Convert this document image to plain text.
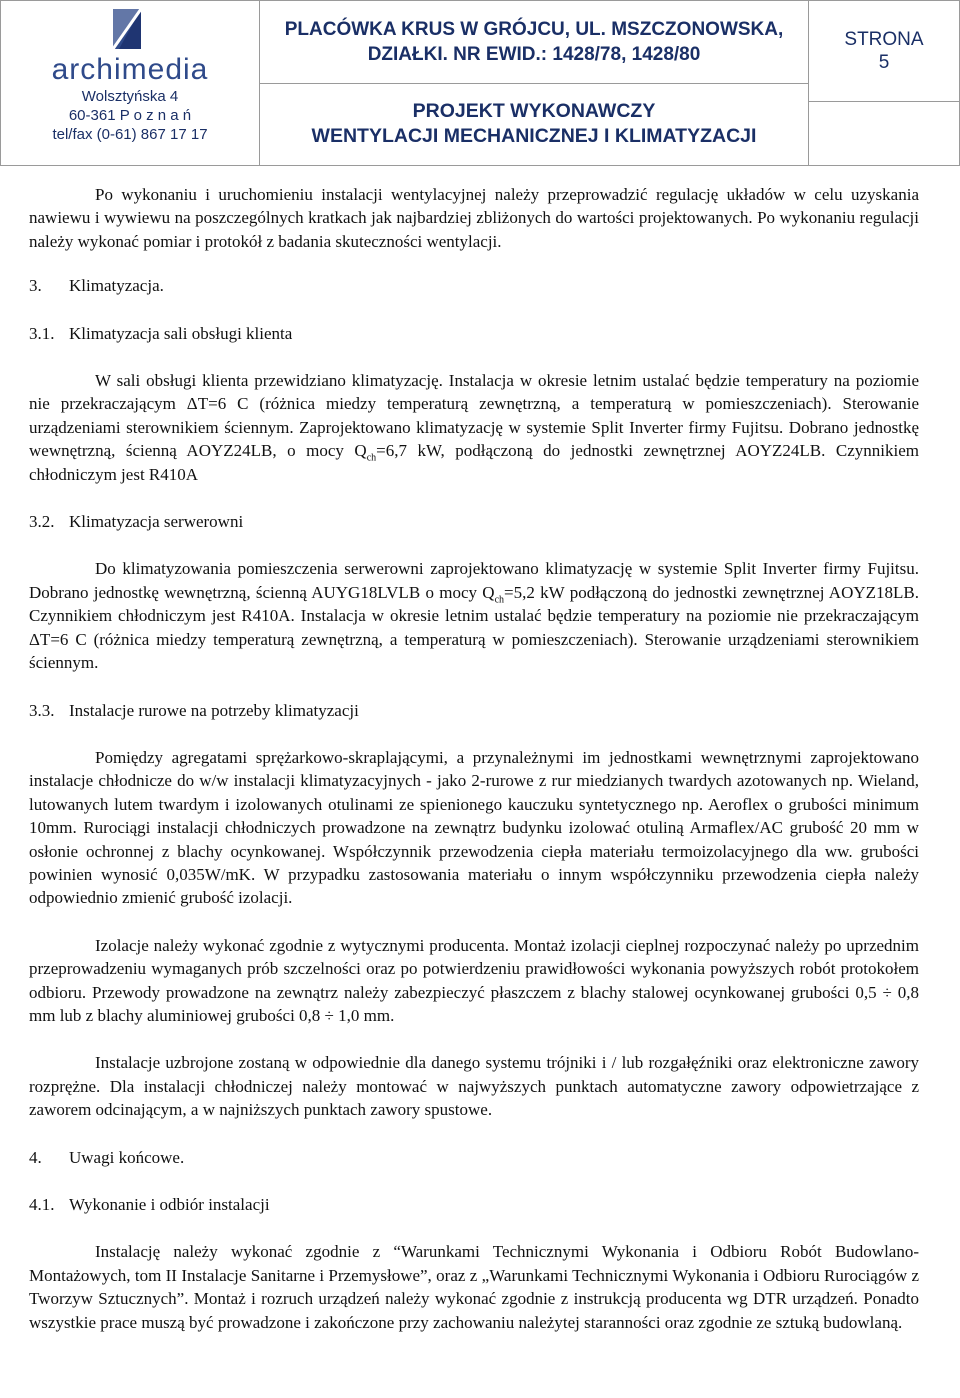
archimedia
Wolsztyńska 4
60-361 P o z n a ń
tel/fax (0-61) 867 17 17
PLACÓWKA KRUS W GRÓJCU, UL. MSZCZONOWSKA,
DZIAŁKI. NR EWID.: 1428/78, 1428/80
PROJEKT WYKONAWCZY
WENTYLACJI MECHANICZNEJ I KLIMATYZACJI
STRONA
5

Po wykonaniu i uruchomieniu instalacji wentylacyjnej należy przeprowadzić regulację układów w celu uzyskania nawiewu i wywiewu na poszczególnych kratkach jak najbardziej zbliżonych do wartości projektowanych. Po wykonaniu regulacji należy wykonać pomiar i protokół z badania skuteczności wentylacji.

3. Klimatyzacja.

3.1. Klimatyzacja sali obsługi klienta

W sali obsługi klienta przewidziano klimatyzację. Instalacja w okresie letnim ustalać będzie temperatury na poziomie nie przekraczającym ΔT=6 C (różnica miedzy temperaturą zewnętrzną, a temperaturą w pomieszczeniach). Sterowanie urządzeniami sterownikiem ściennym. Zaprojektowano klimatyzację w systemie Split Inverter firmy Fujitsu. Dobrano jednostkę wewnętrzną, ścienną AOYZ24LB, o mocy $Q_{ch}=6,7$ kW, podłączoną do jednostki zewnętrznej AOYZ24LB. Czynnikiem chłodniczym jest R410A

3.2. Klimatyzacja serwerowni

Do klimatyzowania pomieszczenia serwerowni zaprojektowano klimatyzację w systemie Split Inverter firmy Fujitsu. Dobrano jednostkę wewnętrzną, ścienną AUYG18LVLB o mocy $Q_{ch}=5,2$ kW podłączoną do jednostki zewnętrznej AOYZ18LB. Czynnikiem chłodniczym jest R410A. Instalacja w okresie letnim ustalać będzie temperatury na poziomie nie przekraczającym ΔT=6 C (różnica miedzy temperaturą zewnętrzną, a temperaturą w pomieszczeniach). Sterowanie urządzeniami sterownikiem ściennym.

3.3. Instalacje rurowe na potrzeby klimatyzacji

Pomiędzy agregatami sprężarkowo-skraplającymi, a przynależnymi im jednostkami wewnętrznymi zaprojektowano instalacje chłodnicze do w/w instalacji klimatyzacyjnych - jako 2-rurowe z rur miedzianych twardych azotowanych np. Wieland, lutowanych lutem twardym i izolowanych otulinami ze spienionego kauczuku syntetycznego np. Aeroflex o grubości minimum 10mm. Rurociągi instalacji chłodniczych prowadzone na zewnątrz budynku izolować otuliną Armaflex/AC grubość 20 mm w osłonie ochronnej z blachy ocynkowanej. Współczynnik przewodzenia ciepła materiału termoizolacyjnego dla ww. grubości powinien wynosić 0,035W/mK. W przypadku zastosowania materiału o innym współczynniku przewodzenia ciepła należy odpowiednio zmienić grubość izolacji.

Izolacje należy wykonać zgodnie z wytycznymi producenta. Montaż izolacji cieplnej rozpoczynać należy po uprzednim przeprowadzeniu wymaganych prób szczelności oraz po potwierdzeniu prawidłowości wykonania powyższych robót protokołem odbioru. Przewody prowadzone na zewnątrz należy zabezpieczyć płaszczem z blachy stalowej ocynkowanej grubości 0,5 ÷ 0,8 mm lub z blachy aluminiowej grubości 0,8 ÷ 1,0 mm.

Instalacje uzbrojone zostaną w odpowiednie dla danego systemu trójniki i / lub rozgałęźniki oraz elektroniczne zawory rozprężne. Dla instalacji chłodniczej należy montować w najwyższych punktach automatyczne zawory odpowietrzające z zaworem odcinającym, a w najniższych punktach zawory spustowe.

4. Uwagi końcowe.

4.1. Wykonanie i odbiór instalacji

Instalację należy wykonać zgodnie z “Warunkami Technicznymi Wykonania i Odbioru Robót Budowlano-Montażowych, tom II Instalacje Sanitarne i Przemysłowe”, oraz z „Warunkami Technicznymi Wykonania i Odbioru Rurociągów z Tworzyw Sztucznych”. Montaż i rozruch urządzeń należy wykonać zgodnie z instrukcją producenta wg DTR urządzeń. Ponadto wszystkie prace muszą być prowadzone i zakończone przy zachowaniu należytej staranności oraz zgodnie ze sztuką budowlaną.
